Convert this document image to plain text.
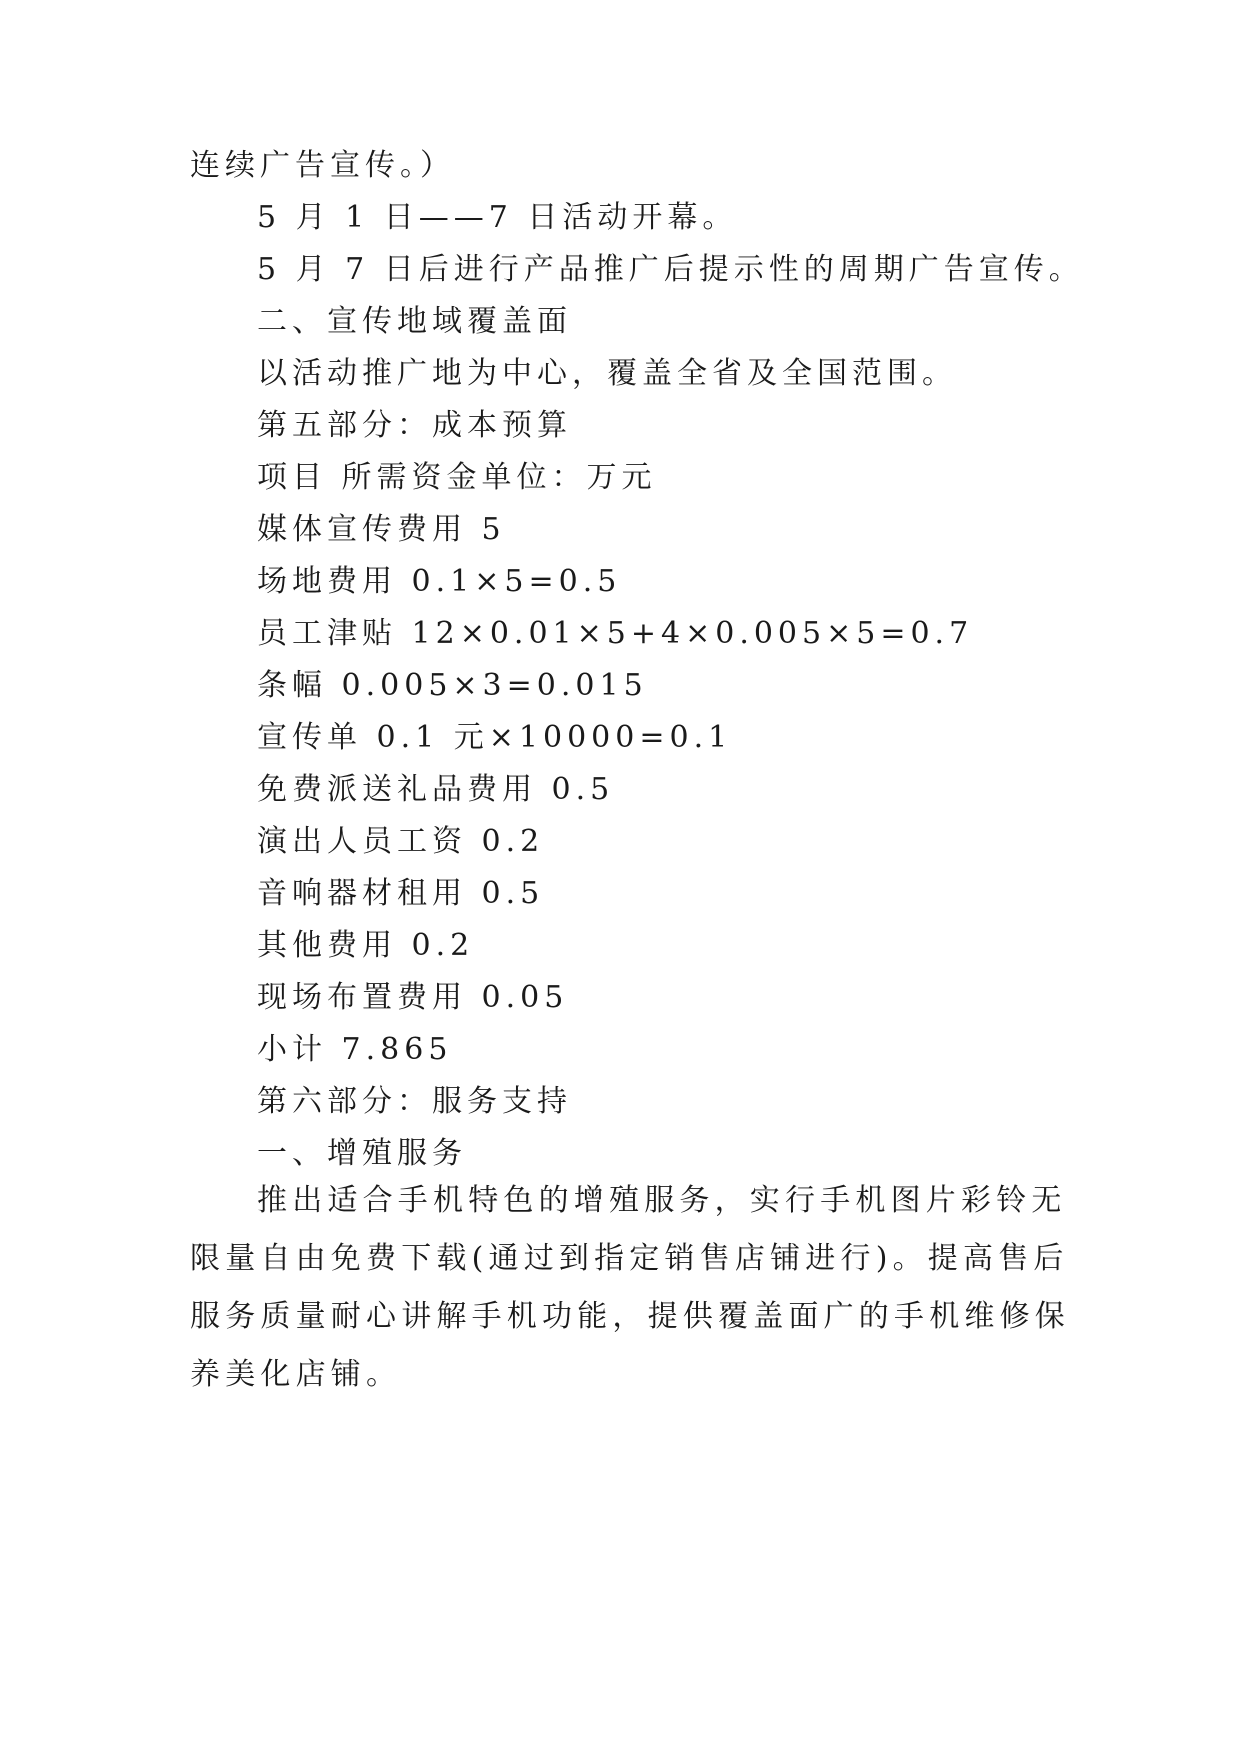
连续广告宣传。）
5 月 1 日——7 日活动开幕。
5 月 7 日后进行产品推广后提示性的周期广告宣传。
二、宣传地域覆盖面
以活动推广地为中心，覆盖全省及全国范围。
第五部分：成本预算
项目 所需资金单位：万元
媒体宣传费用 5
场地费用 0.1×5=0.5
员工津贴 12×0.01×5+4×0.005×5=0.7
条幅 0.005×3=0.015
宣传单 0.1 元×10000=0.1
免费派送礼品费用 0.5
演出人员工资 0.2
音响器材租用 0.5
其他费用 0.2
现场布置费用 0.05
小计 7.865
第六部分：服务支持
一、增殖服务
推出适合手机特色的增殖服务，实行手机图片彩铃无限量自由免费下载(通过到指定销售店铺进行)。提高售后服务质量耐心讲解手机功能，提供覆盖面广的手机维修保养美化店铺。
